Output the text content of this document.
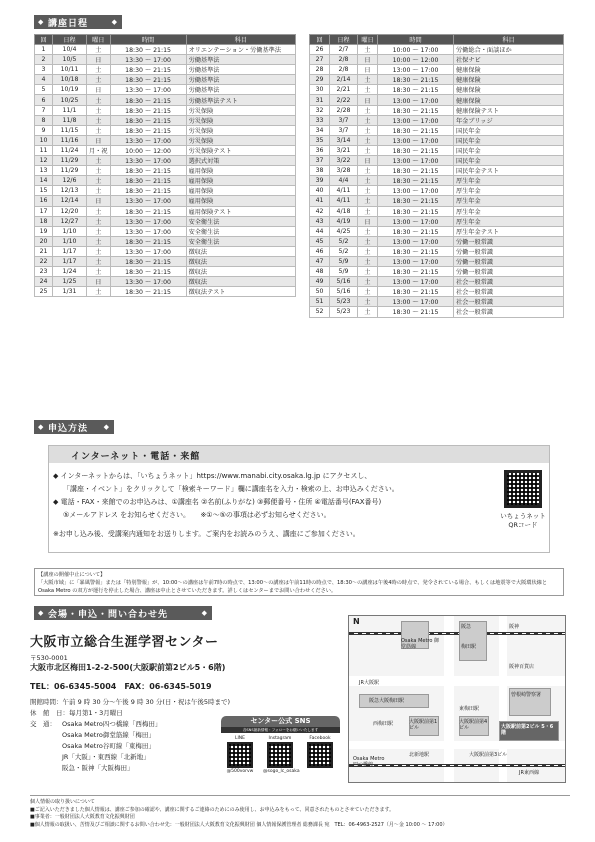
◆ 講座日程	◆
回	日程	曜日	時間	科目
1	10/4	土	18:30 ～ 21:15	オリエンテーション・労働基準法
2	10/5	日	13:30 ～ 17:00	労働基準法
3	10/11	土	18:30 ～ 21:15	労働基準法
4	10/18	土	18:30 ～ 21:15	労働基準法
5	10/19	日	13:30 ～ 17:00	労働基準法
6	10/25	土	18:30 ～ 21:15	労働基準法テスト
7	11/1	土	18:30 ～ 21:15	労災保険
8	11/8	土	18:30 ～ 21:15	労災保険
9	11/15	土	18:30 ～ 21:15	労災保険
10	11/16	日	13:30 ～ 17:00	労災保険
11	11/24	月・祝	10:00 ～ 12:00	労災保険テスト
12	11/29	土	13:30 ～ 17:00	選択式対策
13	11/29	土	18:30 ～ 21:15	雇用保険
14	12/6	土	18:30 ～ 21:15	雇用保険
15	12/13	土	18:30 ～ 21:15	雇用保険
16	12/14	日	13:30 ～ 17:00	雇用保険
17	12/20	土	18:30 ～ 21:15	雇用保険テスト
18	12/27	土	13:30 ～ 17:00	安全衛生法
19	1/10	土	13:30 ～ 17:00	安全衛生法
20	1/10	土	18:30 ～ 21:15	安全衛生法
21	1/17	土	13:30 ～ 17:00	徴収法
22	1/17	土	18:30 ～ 21:15	徴収法
23	1/24	土	18:30 ～ 21:15	徴収法
24	1/25	日	13:30 ～ 17:00	徴収法
25	1/31	土	18:30 ～ 21:15	徴収法テスト
回	日程	曜日	時間	科目
26	2/7	土	10:00 ～ 17:00	労働総合・面談ほか
27	2/8	日	10:00 ～ 12:00	社保ナビ
28	2/8	日	13:00 ～ 17:00	健康保険
29	2/14	土	18:30 ～ 21:15	健康保険
30	2/21	土	18:30 ～ 21:15	健康保険
31	2/22	日	13:00 ～ 17:00	健康保険
32	2/28	土	18:30 ～ 21:15	健康保険テスト
33	3/7	土	13:00 ～ 17:00	年金ブリッジ
34	3/7	土	18:30 ～ 21:15	国民年金
35	3/14	土	13:00 ～ 17:00	国民年金
36	3/21	土	18:30 ～ 21:15	国民年金
37	3/22	日	13:00 ～ 17:00	国民年金
38	3/28	土	18:30 ～ 21:15	国民年金テスト
39	4/4	土	18:30 ～ 21:15	厚生年金
40	4/11	土	13:00 ～ 17:00	厚生年金
41	4/11	土	18:30 ～ 21:15	厚生年金
42	4/18	土	18:30 ～ 21:15	厚生年金
43	4/19	日	13:00 ～ 17:00	厚生年金
44	4/25	土	18:30 ～ 21:15	厚生年金テスト
45	5/2	土	13:00 ～ 17:00	労働一般常識
46	5/2	土	18:30 ～ 21:15	労働一般常識
47	5/9	土	13:00 ～ 17:00	労働一般常識
48	5/9	土	18:30 ～ 21:15	労働一般常識
49	5/16	土	13:00 ～ 17:00	社会一般常識
50	5/16	土	18:30 ～ 21:15	社会一般常識
51	5/23	土	13:00 ～ 17:00	社会一般常識
52	5/23	土	18:30 ～ 21:15	社会一般常識
◆ 申込方法 ◆
インターネット・電話・来館
◆ インターネットからは、「いちょうネット」https://www.manabi.city.osaka.lg.jp にアクセスし、
「講座・イベント」をクリックして「検索キーワード」欄に講座名を入力・検索の上、お申込みください。
◆ 電話・FAX・来館でのお申込みは、①講座名 ②名前(ふりがな) ③郵便番号・住所 ④電話番号(FAX番号)
⑤メールアドレス をお知らせください。　　※①～⑤の事項は必ずお知らせください。
※お申し込み後、受講案内通知をお送りします。ご案内をお読みのうえ、講座にご参加ください。
いちょうネット
QRコード
【講座の開催中止について】
「大阪市域」に「暴風警報」または「特別警報」が、10:00～の講座は午前7時の時点で、13:00～の講座は午前11時の時点で、18:30～の講座は午後4時の時点で、発令されている場合、もしくは地震等で大阪環状線と Osaka Metro の双方が運行を停止した場合、講座は中止とさせていただきます。詳しくはセンターまでお問い合わせください。
◆ 会場・申込・問い合わせ先	◆
大阪市立総合生涯学習センター
〒530-0001
大阪市北区梅田1-2-2-500(大阪駅前第2ビル5・6階)
TEL：06-6345-5004　FAX：06-6345-5019
開館時間：午前 9 時 30 分～午後 9 時 30 分(日・祝は午後5時まで)
休　館　日：毎月第1・3月曜日
交　通： Osaka Metro四つ橋線「西梅田」
Osaka Metro御堂筋線「梅田」
Osaka Metro谷町線「東梅田」
JR「大阪」・東西線「北新地」
阪急・阪神「大阪梅田」
センター公式 SNS
各SNS最新情報・フォローをお願いいたします
LINE
@500vorvw
Instagram
@sogo_lc_osaka
Facebook
N
阪急
Osaka Metro 御堂筋線	梅田駅
阪神
阪神百貨店
JR大阪駅
阪急大阪梅田駅
東梅田駅
曾根崎警察署
西梅田駅	大阪駅前第1ビル
大阪駅前第4ビル	大阪駅前第2ビル 5・6階
大阪駅前第3ビル
北新地駅
JR東西線
Osaka Metro 四つ橋線
個人情報の取り扱いについて
■ご記入いただきました個人情報は、講座ご参加の確認や、講座に関するご連絡のためにのみ使用し、お申込みをもって、同意されたものとさせていただきます。
■事業者：一般財団法人大阪教育文化振興財団
■個人情報の取扱い、苦情及びご相談に関するお問い合わせ先：一般財団法人大阪教育文化振興財団 個人情報保護管理者 総務課長 宛　TEL：06-4963-2527（月～金 10:00 ～ 17:00）
